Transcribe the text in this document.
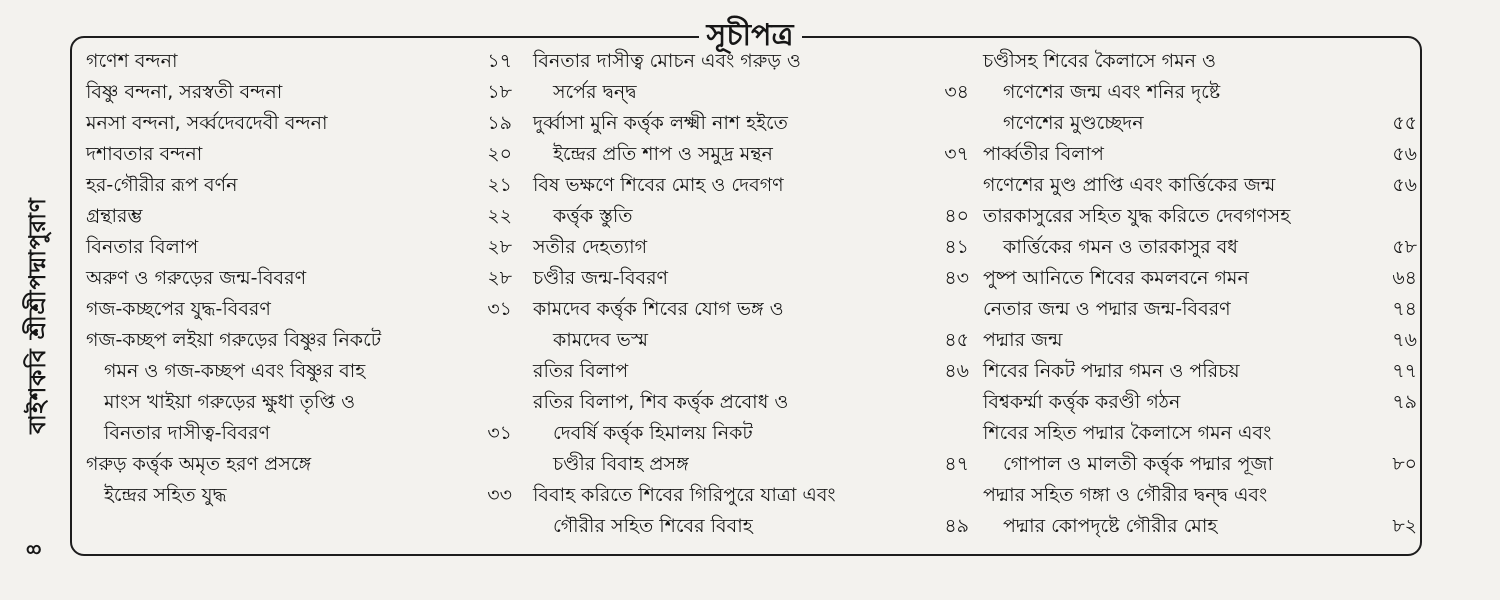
বাইশকবি শ্রীশ্রীপদ্মাপুরাণ
৪
সূচীপত্র
গণেশ বন্দনা	১৭
বিষ্ণু বন্দনা, সরস্বতী বন্দনা	১৮
মনসা বন্দনা, সর্ব্বদেবদেবী বন্দনা	১৯
দশাবতার বন্দনা	২০
হর-গৌরীর রূপ বর্ণন	২১
গ্রন্থারম্ভ	২২
বিনতার বিলাপ	২৮
অরুণ ও গরুড়ের জন্ম-বিবরণ	২৮
গজ-কচ্ছপের যুদ্ধ-বিবরণ	৩১
গজ-কচ্ছপ লইয়া গরুড়ের বিষ্ণুর নিকটে
গমন ও গজ-কচ্ছপ এবং বিষ্ণুর বাহ
মাংস খাইয়া গরুড়ের ক্ষুধা তৃপ্তি ও
বিনতার দাসীত্ব-বিবরণ	৩১
গরুড় কর্ত্তৃক অমৃত হরণ প্রসঙ্গে
ইন্দ্রের সহিত যুদ্ধ	৩৩
বিনতার দাসীত্ব মোচন এবং গরুড় ও
সর্পের দ্বন্দ্ব	৩৪
দুর্ব্বাসা মুনি কর্ত্তৃক লক্ষ্মী নাশ হইতে
ইন্দ্রের প্রতি শাপ ও সমুদ্র মন্থন	৩৭
বিষ ভক্ষণে শিবের মোহ ও দেবগণ
কর্ত্তৃক স্তুতি	৪০
সতীর দেহত্যাগ	৪১
চণ্ডীর জন্ম-বিবরণ	৪৩
কামদেব কর্ত্তৃক শিবের যোগ ভঙ্গ ও
কামদেব ভস্ম	৪৫
রতির বিলাপ	৪৬
রতির বিলাপ, শিব কর্ত্তৃক প্রবোধ ও
দেবর্ষি কর্ত্তৃক হিমালয় নিকট
চণ্ডীর বিবাহ প্রসঙ্গ	৪৭
বিবাহ করিতে শিবের গিরিপুরে যাত্রা এবং
গৌরীর সহিত শিবের বিবাহ	৪৯
চণ্ডীসহ শিবের কৈলাসে গমন ও
গণেশের জন্ম এবং শনির দৃষ্টে
গণেশের মুণ্ডচ্ছেদন	৫৫
পার্ব্বতীর বিলাপ	৫৬
গণেশের মুণ্ড প্রাপ্তি এবং কার্ত্তিকের জন্ম	৫৬
তারকাসুরের সহিত যুদ্ধ করিতে দেবগণসহ
কার্ত্তিকের গমন ও তারকাসুর বধ	৫৮
পুষ্প আনিতে শিবের কমলবনে গমন	৬৪
নেতার জন্ম ও পদ্মার জন্ম-বিবরণ	৭৪
পদ্মার জন্ম	৭৬
শিবের নিকট পদ্মার গমন ও পরিচয়	৭৭
বিশ্বকর্ম্মা কর্ত্তৃক করণ্ডী গঠন	৭৯
শিবের সহিত পদ্মার কৈলাসে গমন এবং
গোপাল ও মালতী কর্ত্তৃক পদ্মার পূজা	৮০
পদ্মার সহিত গঙ্গা ও গৌরীর দ্বন্দ্ব এবং
পদ্মার কোপদৃষ্টে গৌরীর মোহ	৮২
